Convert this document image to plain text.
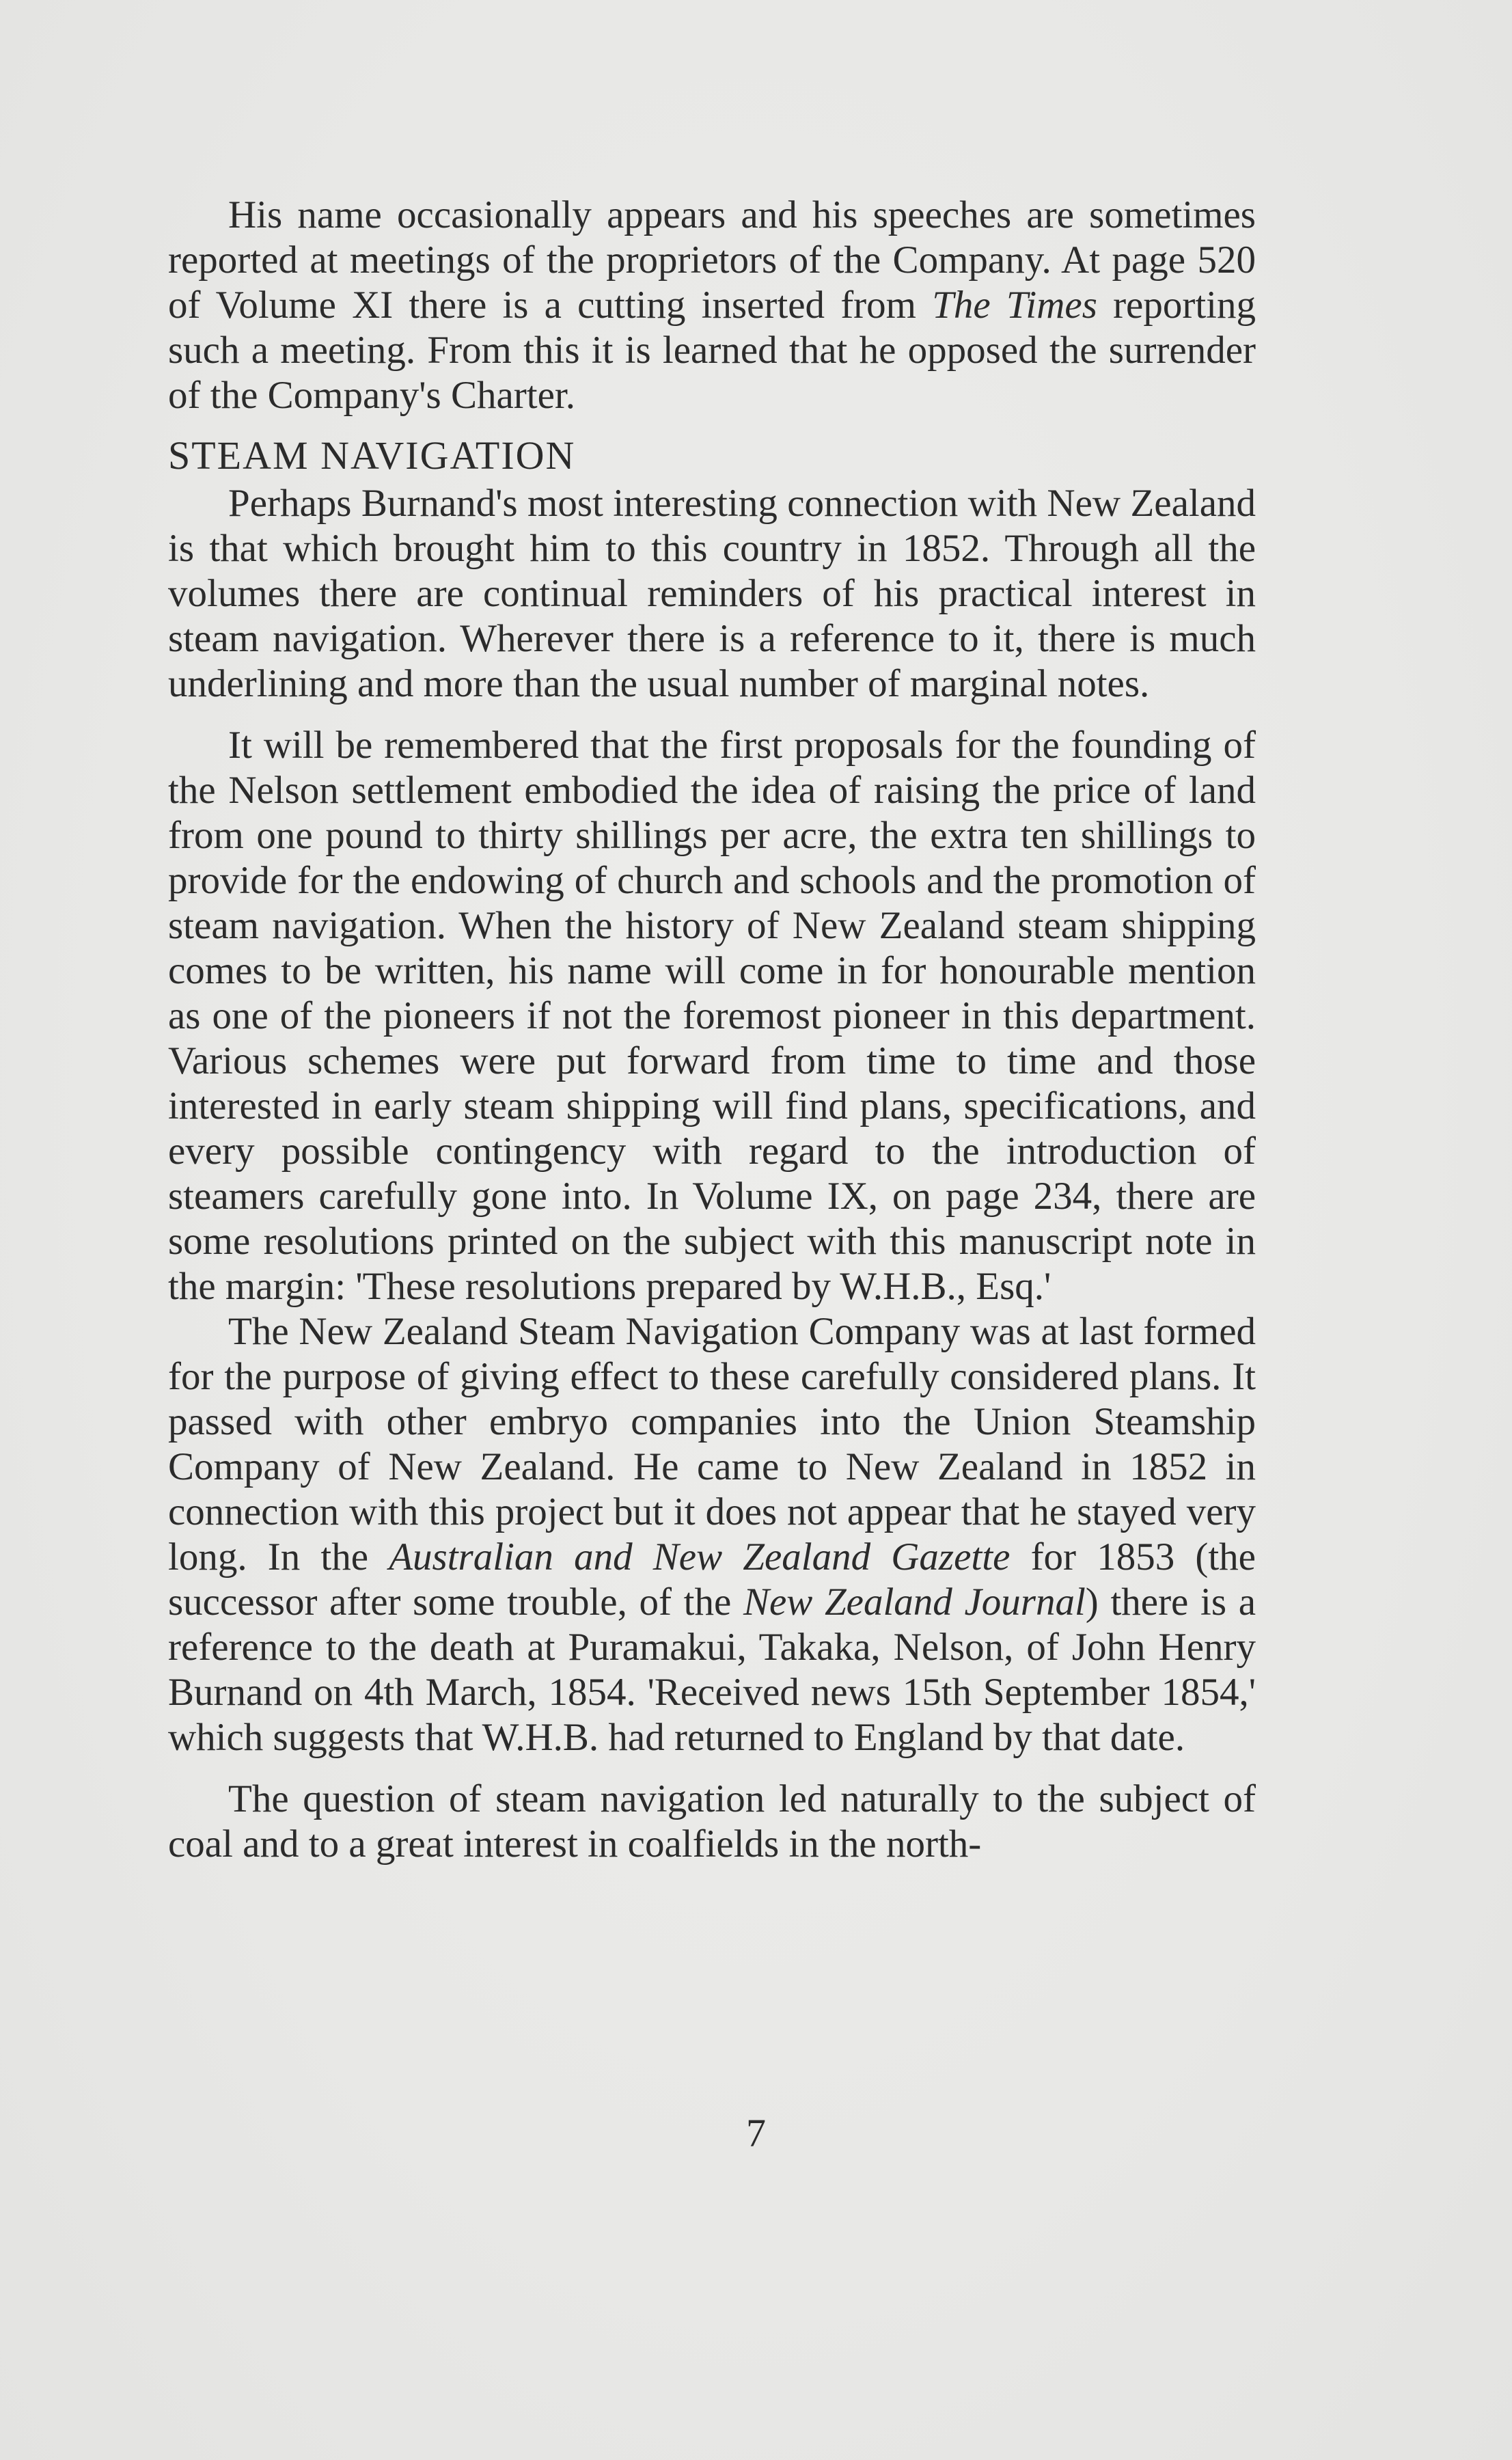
His name occasionally appears and his speeches are sometimes reported at meetings of the proprietors of the Company. At page 520 of Volume XI there is a cutting inserted from The Times reporting such a meeting. From this it is learned that he opposed the surrender of the Company's Charter.

STEAM NAVIGATION

Perhaps Burnand's most interesting connection with New Zealand is that which brought him to this country in 1852. Through all the volumes there are continual reminders of his practical interest in steam navigation. Wherever there is a reference to it, there is much underlining and more than the usual number of marginal notes.

It will be remembered that the first proposals for the founding of the Nelson settlement embodied the idea of raising the price of land from one pound to thirty shillings per acre, the extra ten shillings to provide for the endowing of church and schools and the promotion of steam navigation. When the history of New Zealand steam shipping comes to be written, his name will come in for honourable mention as one of the pioneers if not the foremost pioneer in this department. Various schemes were put forward from time to time and those interested in early steam shipping will find plans, specifications, and every possible contingency with regard to the introduction of steamers carefully gone into. In Volume IX, on page 234, there are some resolutions printed on the subject with this manuscript note in the margin: 'These resolutions prepared by W.H.B., Esq.'

The New Zealand Steam Navigation Company was at last formed for the purpose of giving effect to these carefully considered plans. It passed with other embryo companies into the Union Steamship Company of New Zealand. He came to New Zealand in 1852 in connection with this project but it does not appear that he stayed very long. In the Australian and New Zealand Gazette for 1853 (the successor after some trouble, of the New Zealand Journal) there is a reference to the death at Puramakui, Takaka, Nelson, of John Henry Burnand on 4th March, 1854. 'Received news 15th September 1854,' which suggests that W.H.B. had returned to England by that date.

The question of steam navigation led naturally to the subject of coal and to a great interest in coalfields in the north-

7
